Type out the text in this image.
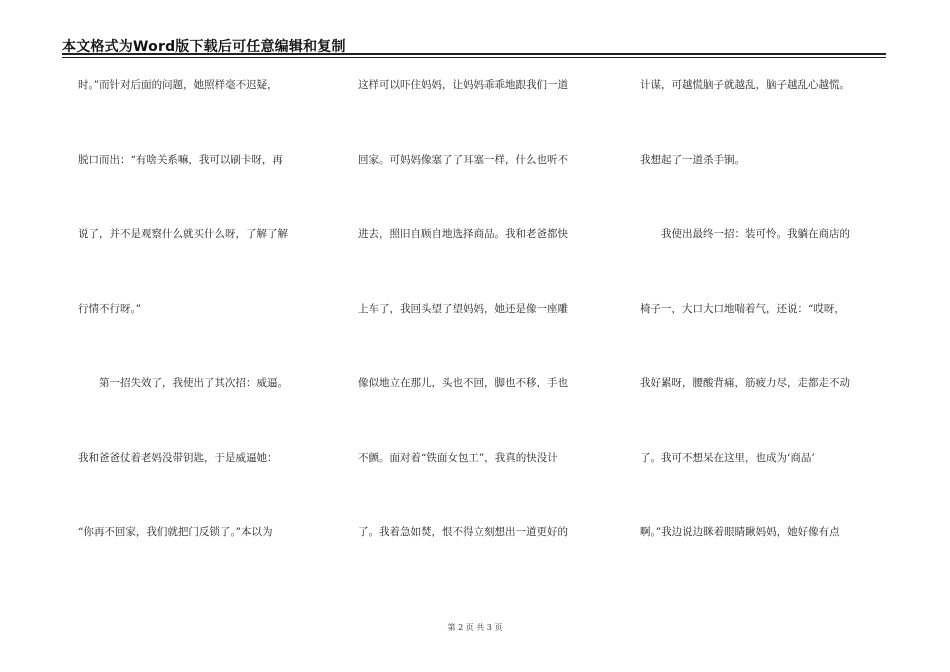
本文格式为Word版下载后可任意编辑和复制
时。”而针对后面的问题，她照样毫不迟疑，
脱口而出：“有啥关系嘛，我可以刷卡呀，再
说了，并不是观察什么就买什么呀，了解了解
行情不行呀。”
　　第一招失效了，我使出了其次招：威逼。
我和爸爸仗着老妈没带钥匙，于是威逼她：
“你再不回家，我们就把门反锁了。”本以为
这样可以吓住妈妈，让妈妈乖乖地跟我们一道
回家。可妈妈像塞了了耳塞一样，什么也听不
进去，照旧自顾自地选择商品。我和老爸都快
上车了，我回头望了望妈妈，她还是像一座雕
像似地立在那儿，头也不回，脚也不移，手也
不颤。面对着“铁面女包工”，我真的快没计
了。我着急如焚，恨不得立刻想出一道更好的
计谋，可越慌脑子就越乱，脑子越乱心越慌。
我想起了一道杀手锏。
　　我使出最终一招：装可怜。我躺在商店的
椅子一，大口大口地喘着气，还说：“哎呀，
我好累呀，腰酸背痛，筋疲力尽，走都走不动
了。我可不想呆在这里，也成为‘商品’
啊。”我边说边眯着眼睛瞅妈妈，她好像有点
第 2 页 共 3 页
